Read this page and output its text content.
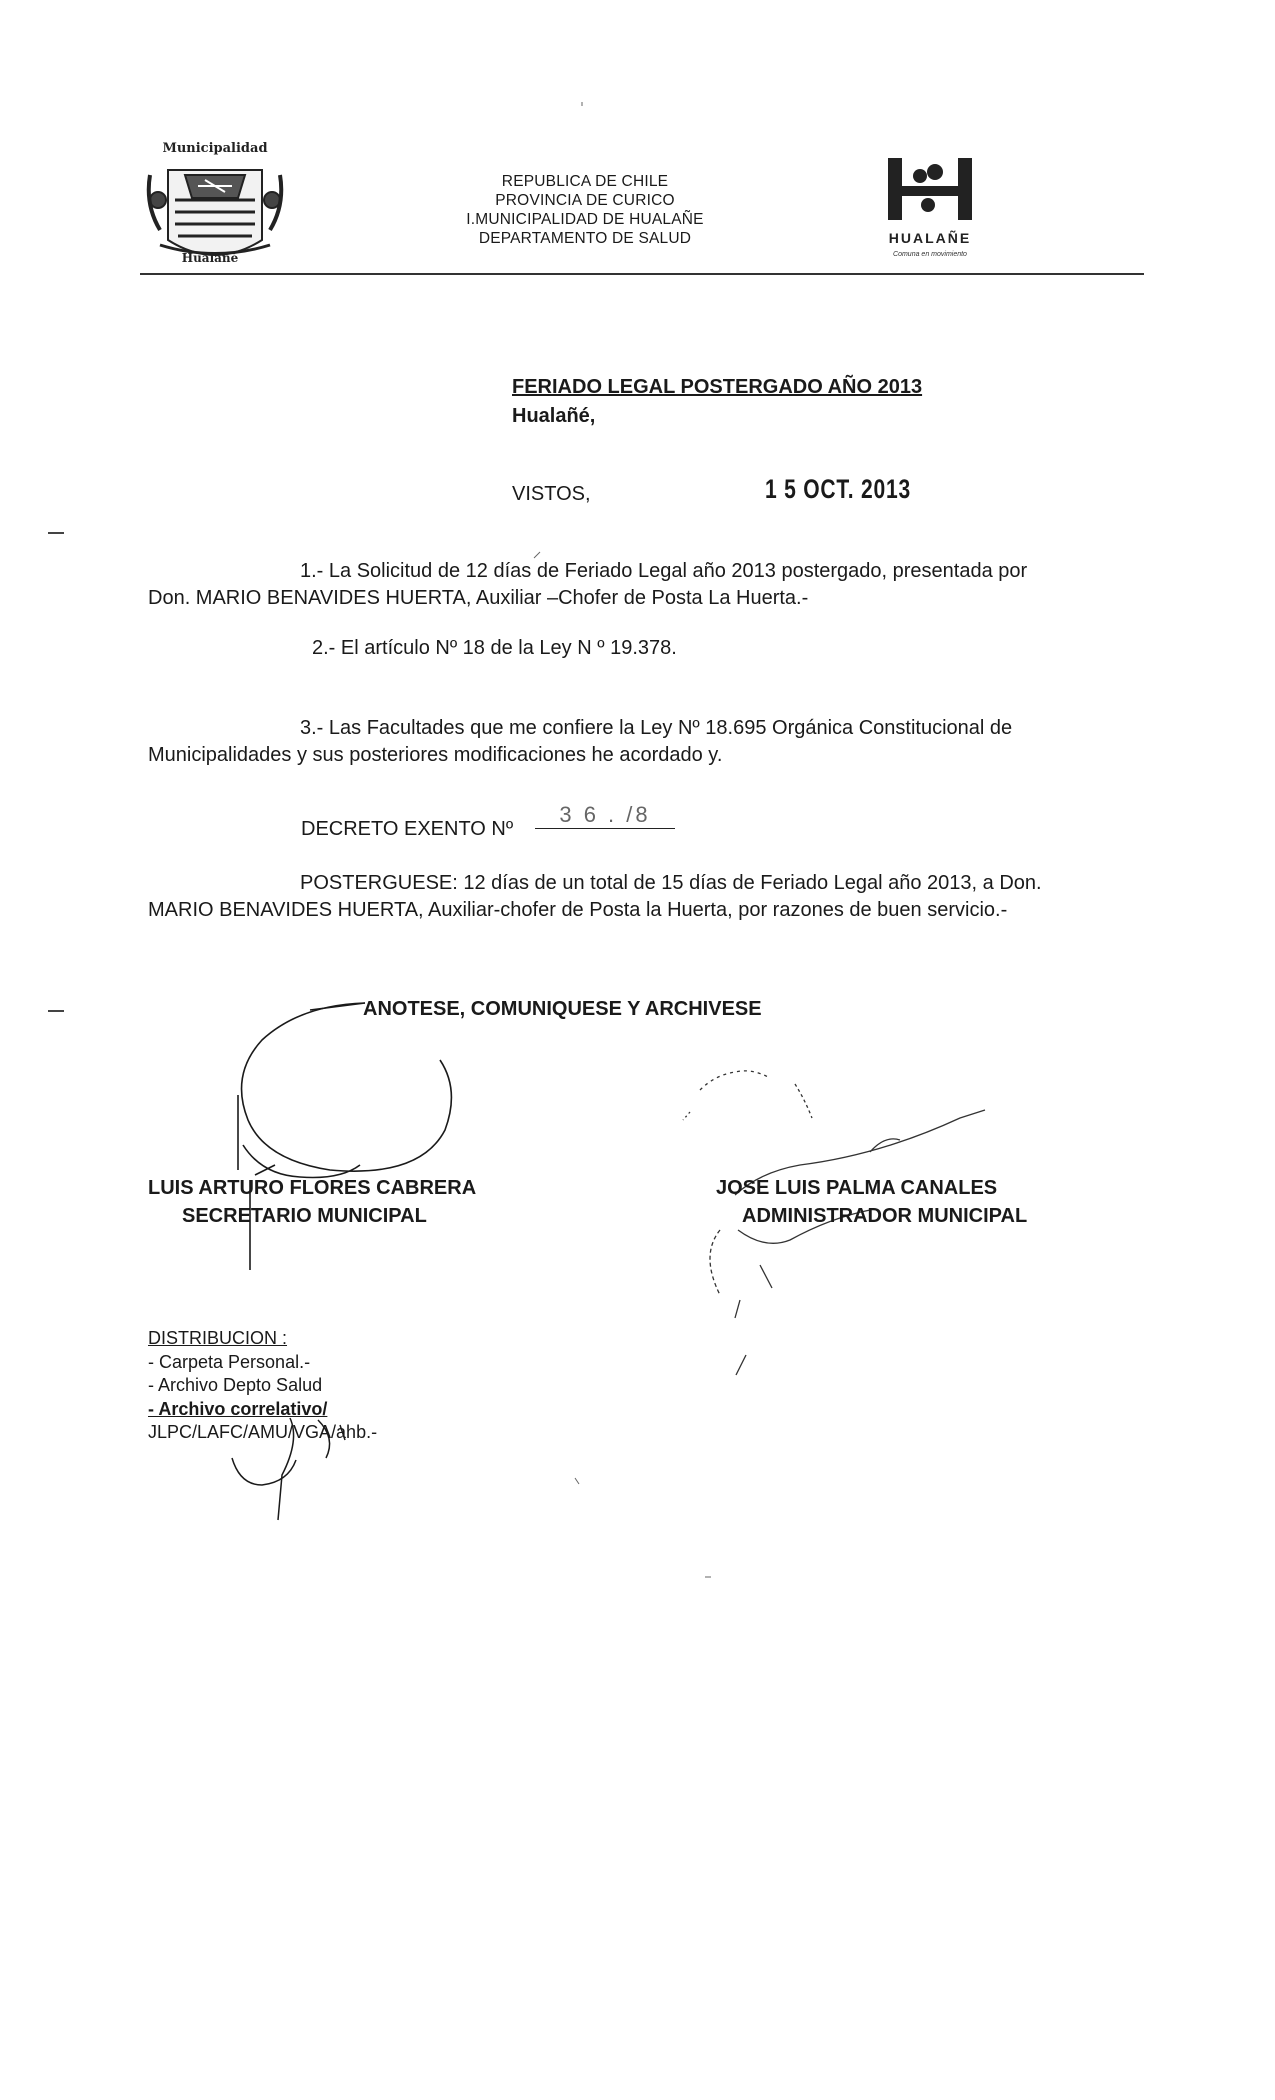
Municipalidad
Hualañé
HUALAÑE
Comuna en movimiento
REPUBLICA DE CHILE
PROVINCIA DE CURICO
I.MUNICIPALIDAD DE HUALAÑE
DEPARTAMENTO DE SALUD
FERIADO LEGAL POSTERGADO AÑO 2013
Hualañé,
VISTOS,	1 5 OCT. 2013
1.- La Solicitud de 12 días de Feriado Legal año 2013 postergado, presentada por
Don. MARIO BENAVIDES HUERTA, Auxiliar –Chofer de Posta La Huerta.-
2.- El artículo Nº 18 de la Ley N º 19.378.
3.- Las Facultades que me confiere la Ley Nº 18.695 Orgánica Constitucional de
Municipalidades y sus posteriores modificaciones he acordado y.
DECRETO EXENTO Nº
3 6 . /8
POSTERGUESE: 12 días de un total de 15 días de Feriado Legal año 2013, a Don.
MARIO BENAVIDES HUERTA, Auxiliar-chofer de Posta la Huerta, por razones de buen servicio.-
ANOTESE, COMUNIQUESE Y ARCHIVESE
LUIS ARTURO FLORES CABRERA
SECRETARIO MUNICIPAL
JOSE LUIS PALMA CANALES
ADMINISTRADOR MUNICIPAL
DISTRIBUCION :
- Carpeta Personal.-
- Archivo Depto Salud
- Archivo correlativo/
JLPC/LAFC/AMU/VGA/ahb.-
